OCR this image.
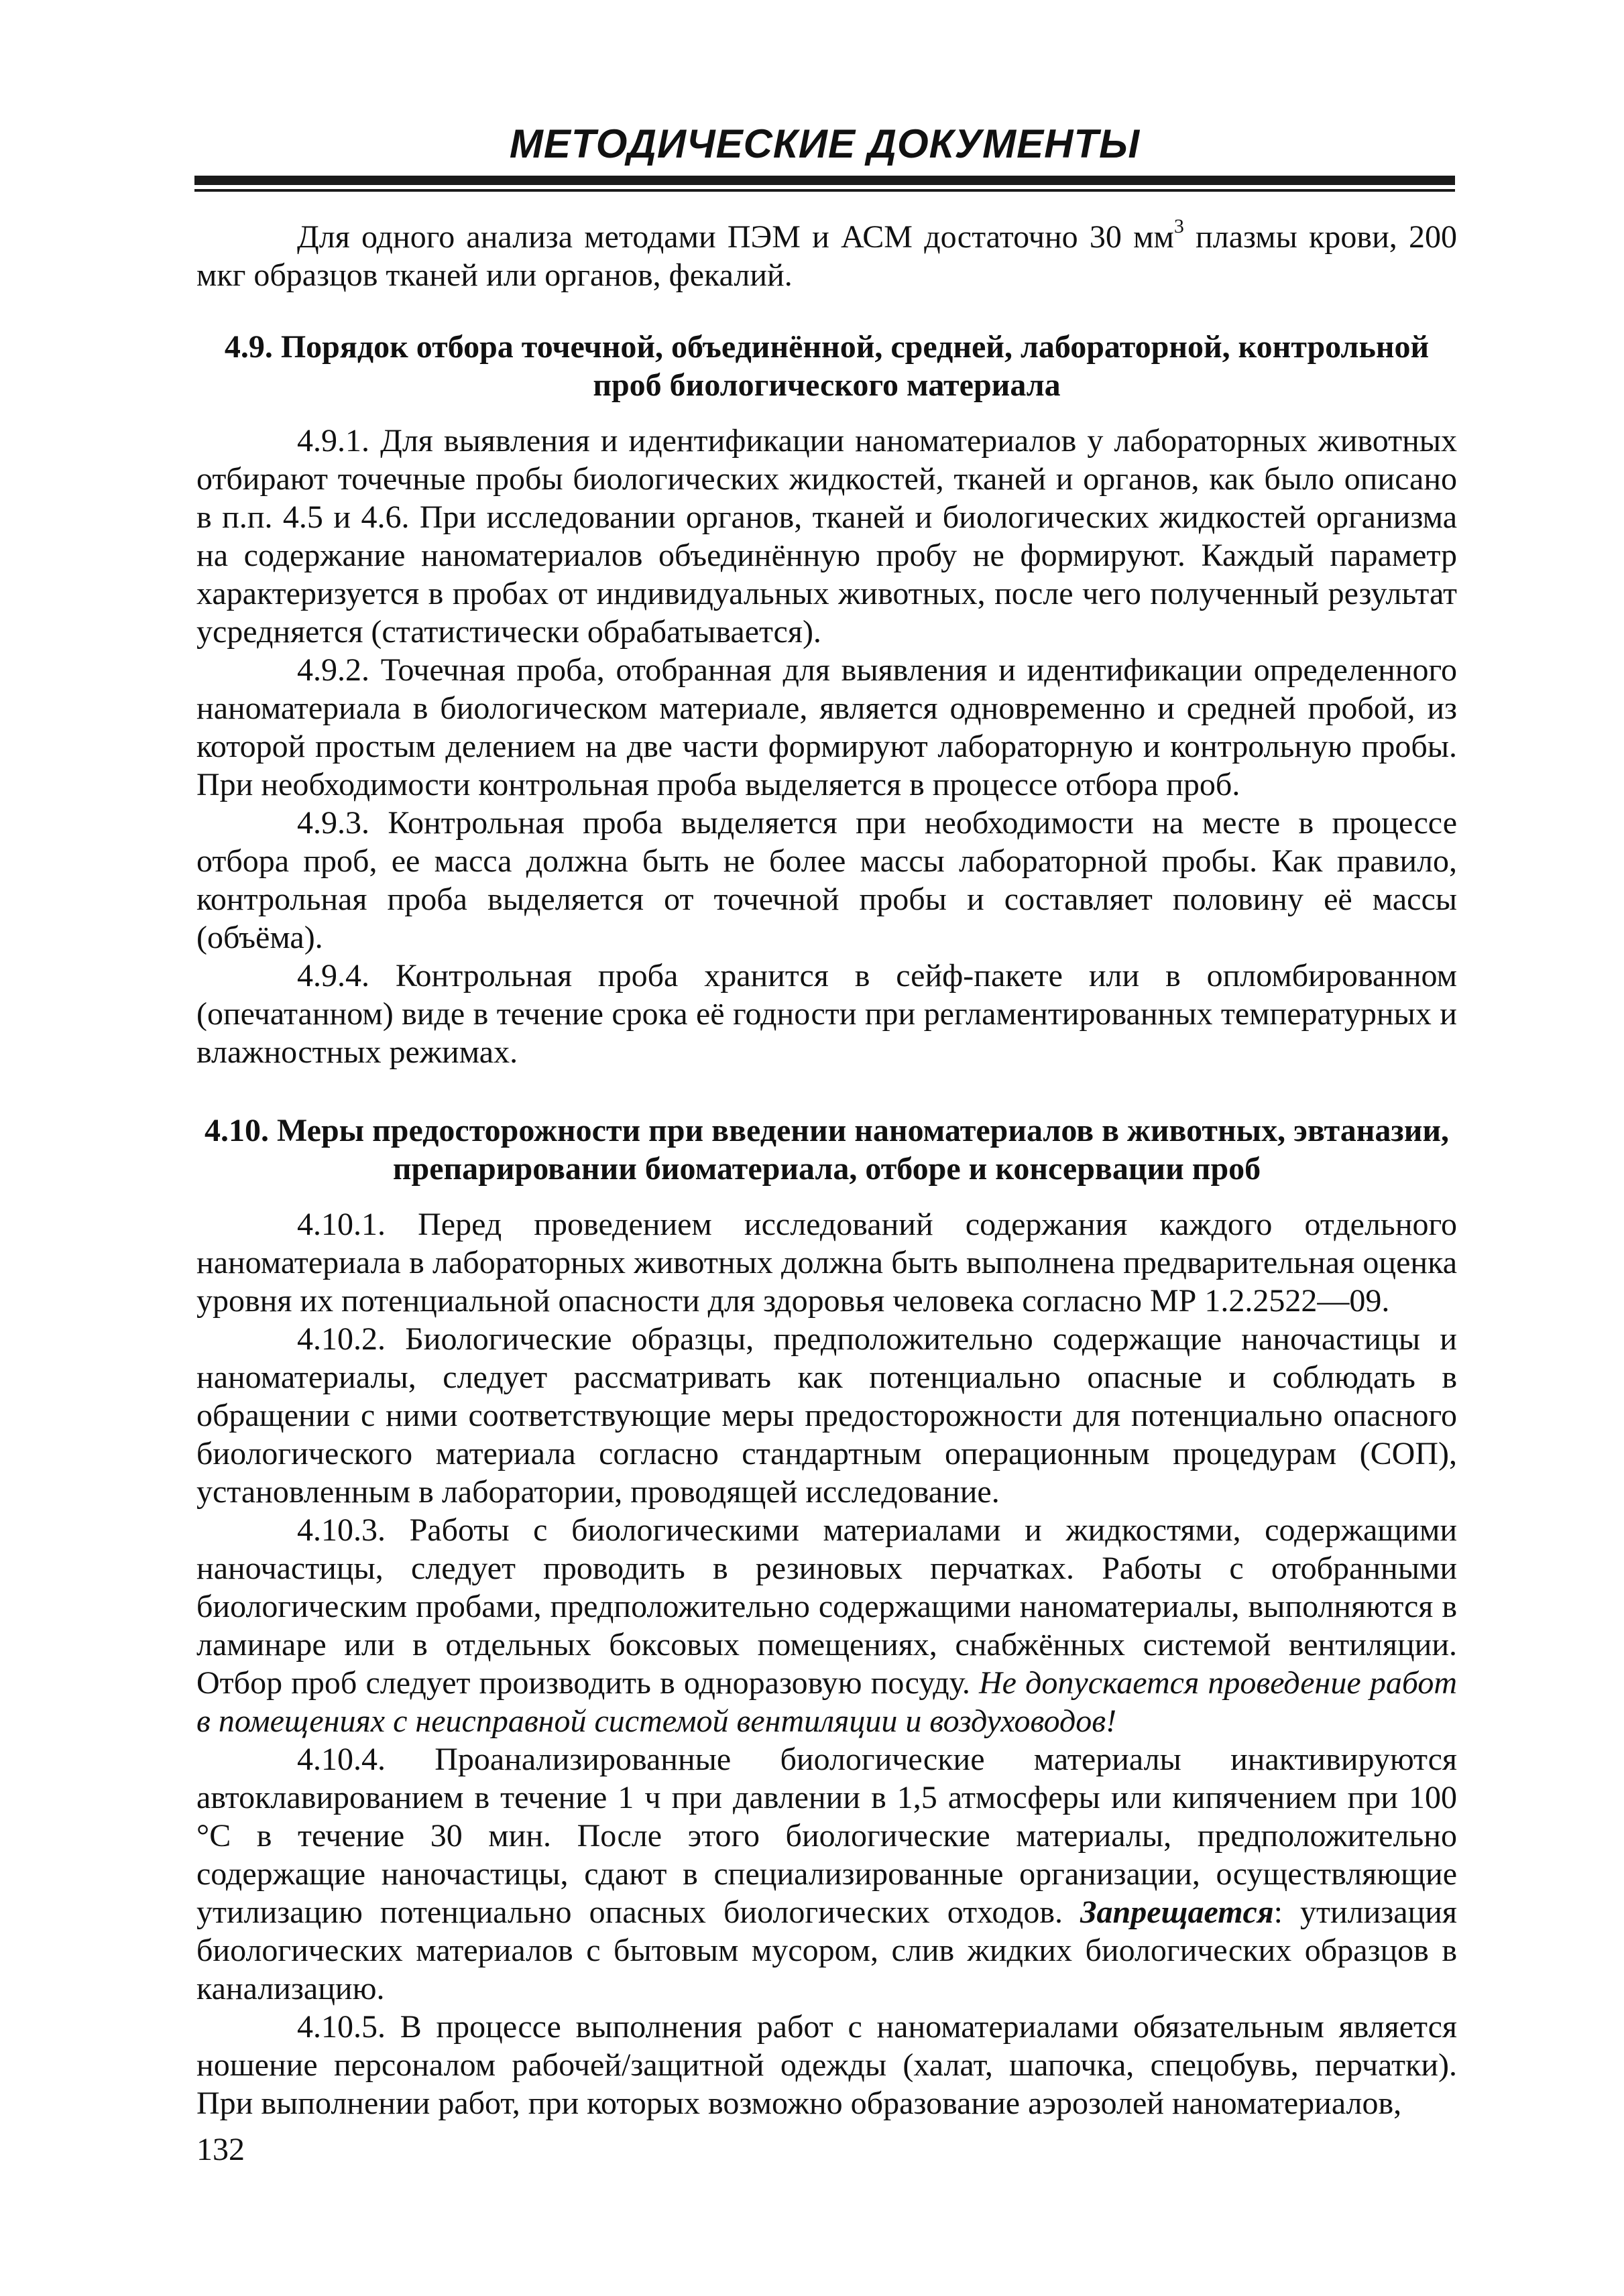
МЕТОДИЧЕСКИЕ ДОКУМЕНТЫ

Для одного анализа методами ПЭМ и АСМ достаточно 30 $мм^3$ плазмы крови, 200 мкг образцов тканей или органов, фекалий.

4.9. Порядок отбора точечной, объединённой, средней, лабораторной, контрольной проб биологического материала

4.9.1. Для выявления и идентификации наноматериалов у лабораторных животных отбирают точечные пробы биологических жидкостей, тканей и органов, как было описано в п.п. 4.5 и 4.6. При исследовании органов, тканей и биологических жидкостей организма на содержание наноматериалов объединённую пробу не формируют. Каждый параметр характеризуется в пробах от индивидуальных животных, после чего полученный результат усредняется (статистически обрабатывается).

4.9.2. Точечная проба, отобранная для выявления и идентификации определенного наноматериала в биологическом материале, является одновременно и средней пробой, из которой простым делением на две части формируют лабораторную и контрольную пробы. При необходимости контрольная проба выделяется в процессе отбора проб.

4.9.3. Контрольная проба выделяется при необходимости на месте в процессе отбора проб, ее масса должна быть не более массы лабораторной пробы. Как правило, контрольная проба выделяется от точечной пробы и составляет половину её массы (объёма).

4.9.4. Контрольная проба хранится в сейф-пакете или в опломбированном (опечатанном) виде в течение срока её годности при регламентированных температурных и влажностных режимах.

4.10. Меры предосторожности при введении наноматериалов в животных, эвтаназии, препарировании биоматериала, отборе и консервации проб

4.10.1. Перед проведением исследований содержания каждого отдельного наноматериала в лабораторных животных должна быть выполнена предварительная оценка уровня их потенциальной опасности для здоровья человека согласно МР 1.2.2522—09.

4.10.2. Биологические образцы, предположительно содержащие наночастицы и наноматериалы, следует рассматривать как потенциально опасные и соблюдать в обращении с ними соответствующие меры предосторожности для потенциально опасного биологического материала согласно стандартным операционным процедурам (СОП), установленным в лаборатории, проводящей исследование.

4.10.3. Работы с биологическими материалами и жидкостями, содержащими наночастицы, следует проводить в резиновых перчатках. Работы с отобранными биологическим пробами, предположительно содержащими наноматериалы, выполняются в ламинаре или в отдельных боксовых помещениях, снабжённых системой вентиляции. Отбор проб следует производить в одноразовую посуду. Не допускается проведение работ в помещениях с неисправной системой вентиляции и воздуховодов!

4.10.4. Проанализированные биологические материалы инактивируются автоклавированием в течение 1 ч при давлении в 1,5 атмосферы или кипячением при 100 °С в течение 30 мин. После этого биологические материалы, предположительно содержащие наночастицы, сдают в специализированные организации, осуществляющие утилизацию потенциально опасных биологических отходов. Запрещается: утилизация биологических материалов с бытовым мусором, слив жидких биологических образцов в канализацию.

4.10.5. В процессе выполнения работ с наноматериалами обязательным является ношение персоналом рабочей/защитной одежды (халат, шапочка, спецобувь, перчатки). При выполнении работ, при которых возможно образование аэрозолей наноматериалов,

132
